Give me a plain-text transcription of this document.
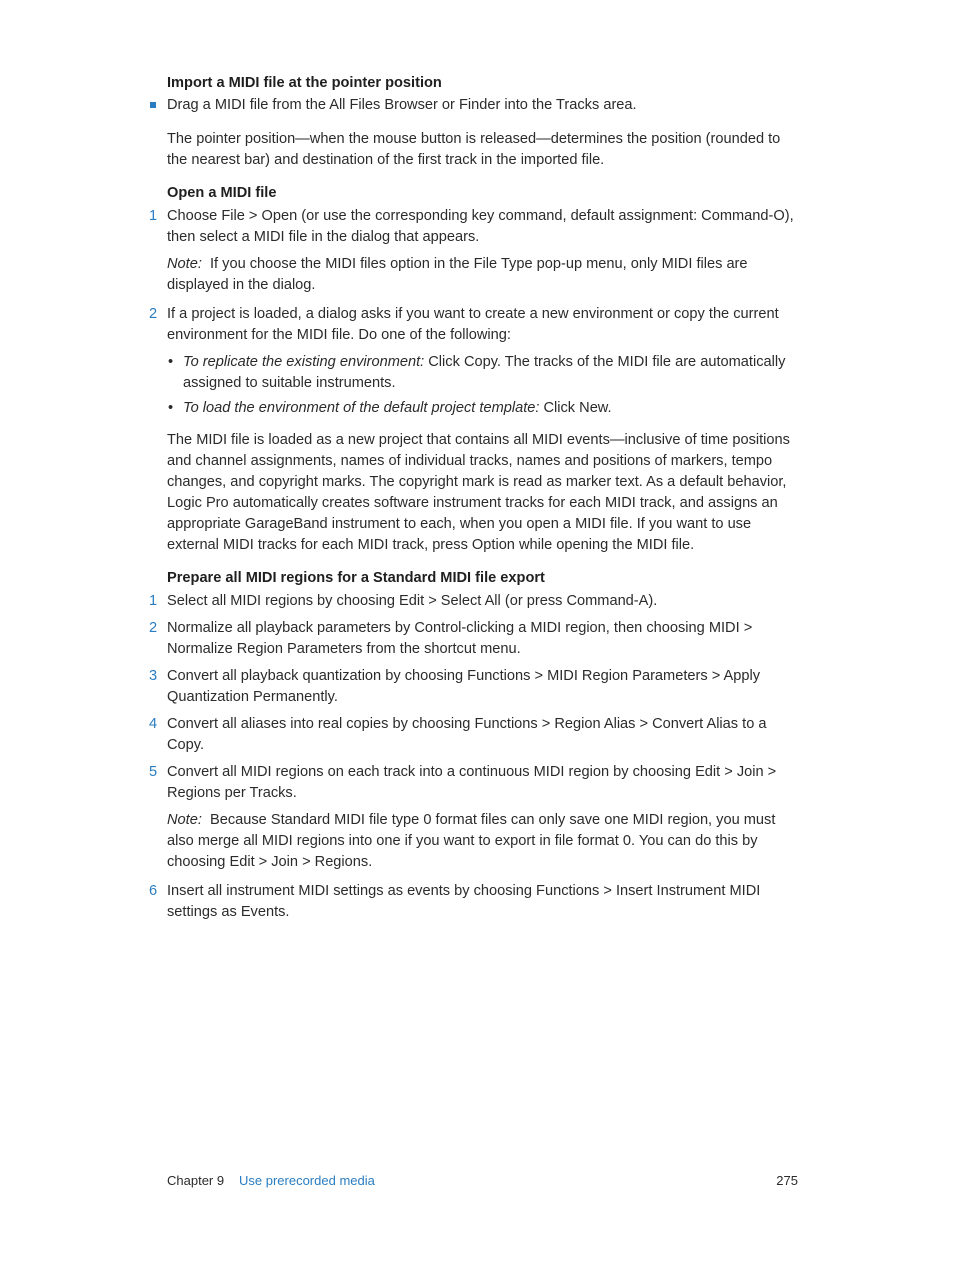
Import a MIDI file at the pointer position

Drag a MIDI file from the All Files Browser or Finder into the Tracks area.

The pointer position—when the mouse button is released—determines the position (rounded to the nearest bar) and destination of the first track in the imported file.

Open a MIDI file

1 Choose File > Open (or use the corresponding key command, default assignment: Command-O), then select a MIDI file in the dialog that appears.

Note: If you choose the MIDI files option in the File Type pop-up menu, only MIDI files are displayed in the dialog.

2 If a project is loaded, a dialog asks if you want to create a new environment or copy the current environment for the MIDI file. Do one of the following:

• To replicate the existing environment: Click Copy. The tracks of the MIDI file are automatically assigned to suitable instruments.

• To load the environment of the default project template: Click New.

The MIDI file is loaded as a new project that contains all MIDI events—inclusive of time positions and channel assignments, names of individual tracks, names and positions of markers, tempo changes, and copyright marks. The copyright mark is read as marker text. As a default behavior, Logic Pro automatically creates software instrument tracks for each MIDI track, and assigns an appropriate GarageBand instrument to each, when you open a MIDI file. If you want to use external MIDI tracks for each MIDI track, press Option while opening the MIDI file.

Prepare all MIDI regions for a Standard MIDI file export

1 Select all MIDI regions by choosing Edit > Select All (or press Command-A).

2 Normalize all playback parameters by Control-clicking a MIDI region, then choosing MIDI > Normalize Region Parameters from the shortcut menu.

3 Convert all playback quantization by choosing Functions > MIDI Region Parameters > Apply Quantization Permanently.

4 Convert all aliases into real copies by choosing Functions > Region Alias > Convert Alias to a Copy.

5 Convert all MIDI regions on each track into a continuous MIDI region by choosing Edit > Join > Regions per Tracks.

Note: Because Standard MIDI file type 0 format files can only save one MIDI region, you must also merge all MIDI regions into one if you want to export in file format 0. You can do this by choosing Edit > Join > Regions.

6 Insert all instrument MIDI settings as events by choosing Functions > Insert Instrument MIDI settings as Events.

Chapter 9 Use prerecorded media	275
